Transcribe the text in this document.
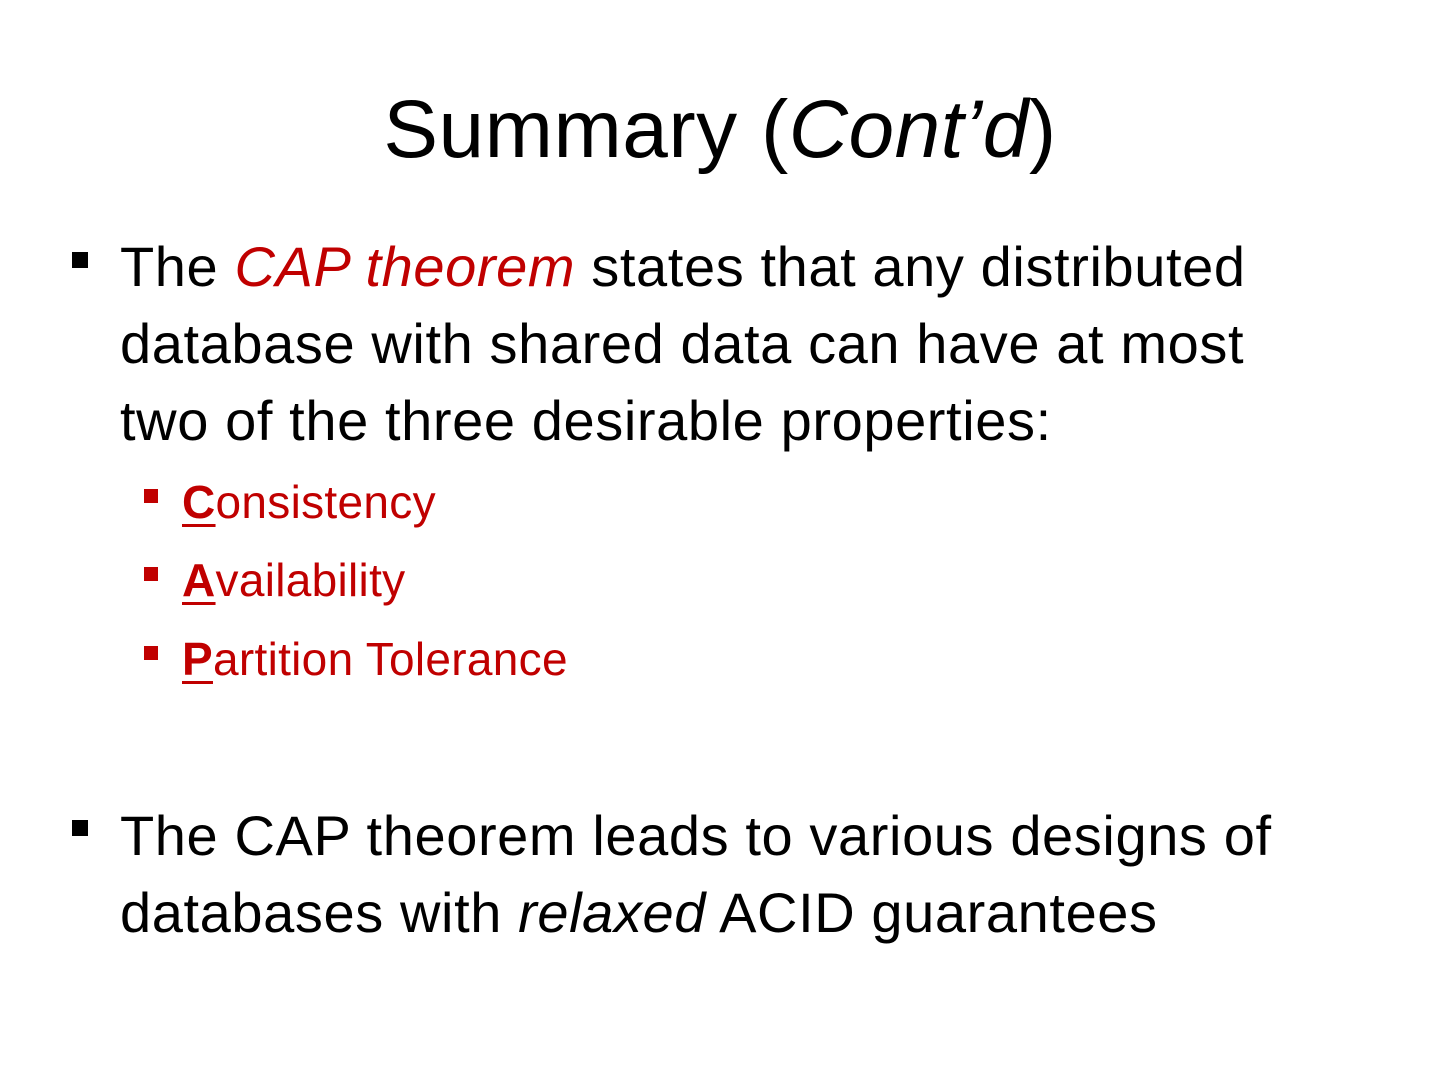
Summary (Cont’d)
The CAP theorem states that any distributed
database with shared data can have at most
two of the three desirable properties:
Consistency
Availability
Partition Tolerance
The CAP theorem leads to various designs of
databases with relaxed ACID guarantees
